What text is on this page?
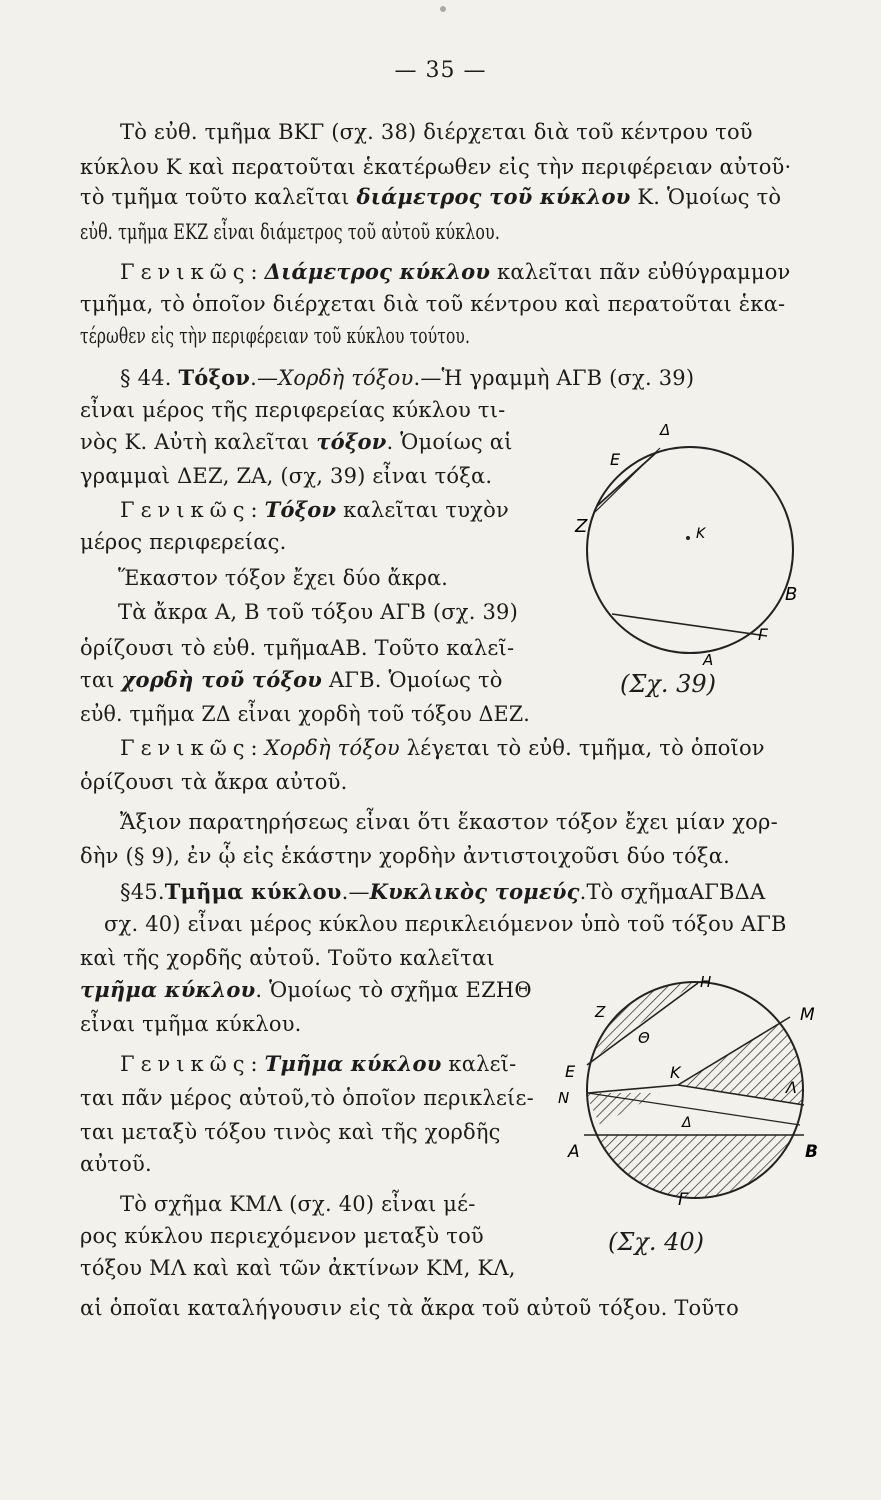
— 35 —
Τὸ εὐθ. τμῆμα ΒΚΓ (σχ. 38) διέρχεται διὰ τοῦ κέντρου τοῦ
κύκλου Κ καὶ περατοῦται ἑκατέρωθεν εἰς τὴν περιφέρειαν αὐτοῦ·
τὸ τμῆμα τοῦτο καλεῖται διάμετρος τοῦ κύκλου Κ. Ὁμοίως τὸ
εὐθ. τμῆμα ΕΚΖ εἶναι διάμετρος τοῦ αὐτοῦ κύκλου.
Γενικῶς: Διάμετρος κύκλου καλεῖται πᾶν εὐθύγραμμον
τμῆμα, τὸ ὁποῖον διέρχεται διὰ τοῦ κέντρου καὶ περατοῦται ἑκα-
τέρωθεν εἰς τὴν περιφέρειαν τοῦ κύκλου τούτου.
§ 44. Τόξον.—Χορδὴ τόξου.—Ἡ γραμμὴ ΑΓΒ (σχ. 39)
εἶναι μέρος τῆς περιφερείας κύκλου τι-
νὸς Κ. Αὐτὴ καλεῖται τόξον. Ὁμοίως αἱ
γραμμαὶ ΔΕΖ, ΖΑ, (σχ, 39) εἶναι τόξα.
Γενικῶς: Τόξον καλεῖται τυχὸν
μέρος περιφερείας.
Ἕκαστον τόξον ἔχει δύο ἄκρα.
Τὰ ἄκρα Α, Β τοῦ τόξου ΑΓΒ (σχ. 39)
ὁρίζουσι τὸ εὐθ. τμῆμαΑΒ. Τοῦτο καλεῖ-
ται χορδὴ τοῦ τόξου ΑΓΒ. Ὁμοίως τὸ
εὐθ. τμῆμα ΖΔ εἶναι χορδὴ τοῦ τόξου ΔΕΖ.
Γενικῶς: Χορδὴ τόξου λέγεται τὸ εὐθ. τμῆμα, τὸ ὁποῖον
ὁρίζουσι τὰ ἄκρα αὐτοῦ.
Ἄξιον παρατηρήσεως εἶναι ὅτι ἕκαστον τόξον ἔχει μίαν χορ-
δὴν (§ 9), ἐν ᾧ εἰς ἑκάστην χορδὴν ἀντιστοιχοῦσι δύο τόξα.
§45.Τμῆμα κύκλου.—Κυκλικὸς τομεύς.Τὸ σχῆμαΑΓΒΔΑ
σχ. 40) εἶναι μέρος κύκλου περικλειόμενον ὑπὸ τοῦ τόξου ΑΓΒ
καὶ τῆς χορδῆς αὐτοῦ. Τοῦτο καλεῖται
τμῆμα κύκλου. Ὁμοίως τὸ σχῆμα ΕΖΗΘ
εἶναι τμῆμα κύκλου.
Γενικῶς: Τμῆμα κύκλου καλεῖ-
ται πᾶν μέρος αὐτοῦ,τὸ ὁποῖον περικλείε-
ται μεταξὺ τόξου τινὸς καὶ τῆς χορδῆς
αὐτοῦ.
Τὸ σχῆμα ΚΜΛ (σχ. 40) εἶναι μέ-
ρος κύκλου περιεχόμενον μεταξὺ τοῦ
τόξου ΜΛ καὶ καὶ τῶν ἀκτίνων ΚΜ, ΚΛ,
αἱ ὁποῖαι καταλήγουσιν εἰς τὰ ἄκρα τοῦ αὐτοῦ τόξου. Τοῦτο
Δ
Ε
Ζ	Κ
Β
Γ
Α
(Σχ. 39)
Η
Ζ
Θ
Μ
Ε	Κ
Ν
Λ
Δ
Α	Β
Γ
(Σχ. 40)
